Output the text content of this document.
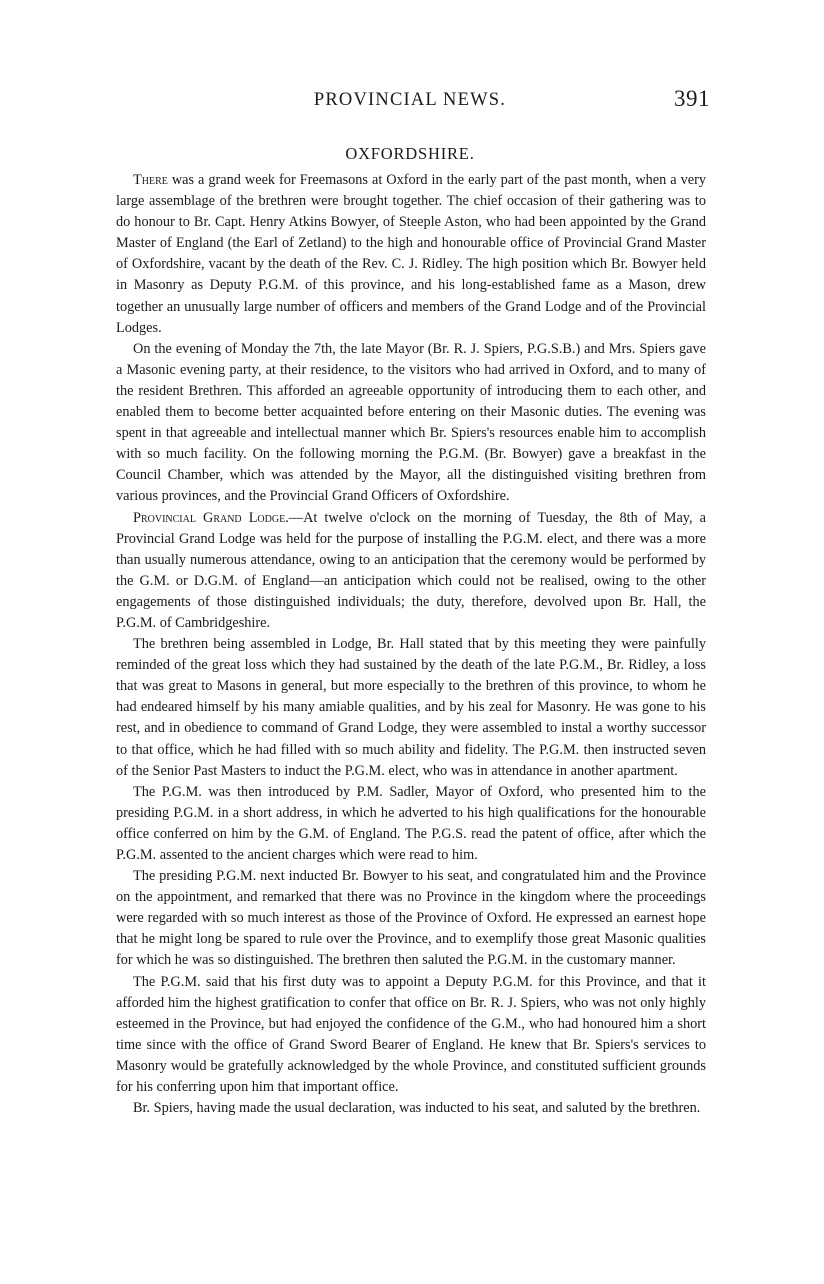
PROVINCIAL NEWS.	391
OXFORDSHIRE.

There was a grand week for Freemasons at Oxford in the early part of the past month, when a very large assemblage of the brethren were brought together. The chief occasion of their gathering was to do honour to Br. Capt. Henry Atkins Bowyer, of Steeple Aston, who had been appointed by the Grand Master of England (the Earl of Zetland) to the high and honourable office of Provincial Grand Master of Oxfordshire, vacant by the death of the Rev. C. J. Ridley. The high position which Br. Bowyer held in Masonry as Deputy P.G.M. of this province, and his long-established fame as a Mason, drew together an unusually large number of officers and members of the Grand Lodge and of the Provincial Lodges.

On the evening of Monday the 7th, the late Mayor (Br. R. J. Spiers, P.G.S.B.) and Mrs. Spiers gave a Masonic evening party, at their residence, to the visitors who had arrived in Oxford, and to many of the resident Brethren. This afforded an agreeable opportunity of introducing them to each other, and enabled them to become better acquainted before entering on their Masonic duties. The evening was spent in that agreeable and intellectual manner which Br. Spiers's resources enable him to accomplish with so much facility. On the following morning the P.G.M. (Br. Bowyer) gave a breakfast in the Council Chamber, which was attended by the Mayor, all the distinguished visiting brethren from various provinces, and the Provincial Grand Officers of Oxfordshire.

Provincial Grand Lodge.—At twelve o'clock on the morning of Tuesday, the 8th of May, a Provincial Grand Lodge was held for the purpose of installing the P.G.M. elect, and there was a more than usually numerous attendance, owing to an anticipation that the ceremony would be performed by the G.M. or D.G.M. of England—an anticipation which could not be realised, owing to the other engagements of those distinguished individuals; the duty, therefore, devolved upon Br. Hall, the P.G.M. of Cambridgeshire.

The brethren being assembled in Lodge, Br. Hall stated that by this meeting they were painfully reminded of the great loss which they had sustained by the death of the late P.G.M., Br. Ridley, a loss that was great to Masons in general, but more especially to the brethren of this province, to whom he had endeared himself by his many amiable qualities, and by his zeal for Masonry. He was gone to his rest, and in obedience to command of Grand Lodge, they were assembled to instal a worthy successor to that office, which he had filled with so much ability and fidelity. The P.G.M. then instructed seven of the Senior Past Masters to induct the P.G.M. elect, who was in attendance in another apartment.

The P.G.M. was then introduced by P.M. Sadler, Mayor of Oxford, who presented him to the presiding P.G.M. in a short address, in which he adverted to his high qualifications for the honourable office conferred on him by the G.M. of England. The P.G.S. read the patent of office, after which the P.G.M. assented to the ancient charges which were read to him.

The presiding P.G.M. next inducted Br. Bowyer to his seat, and congratulated him and the Province on the appointment, and remarked that there was no Province in the kingdom where the proceedings were regarded with so much interest as those of the Province of Oxford. He expressed an earnest hope that he might long be spared to rule over the Province, and to exemplify those great Masonic qualities for which he was so distinguished. The brethren then saluted the P.G.M. in the customary manner.

The P.G.M. said that his first duty was to appoint a Deputy P.G.M. for this Province, and that it afforded him the highest gratification to confer that office on Br. R. J. Spiers, who was not only highly esteemed in the Province, but had enjoyed the confidence of the G.M., who had honoured him a short time since with the office of Grand Sword Bearer of England. He knew that Br. Spiers's services to Masonry would be gratefully acknowledged by the whole Province, and constituted sufficient grounds for his conferring upon him that important office.

Br. Spiers, having made the usual declaration, was inducted to his seat, and saluted by the brethren.
